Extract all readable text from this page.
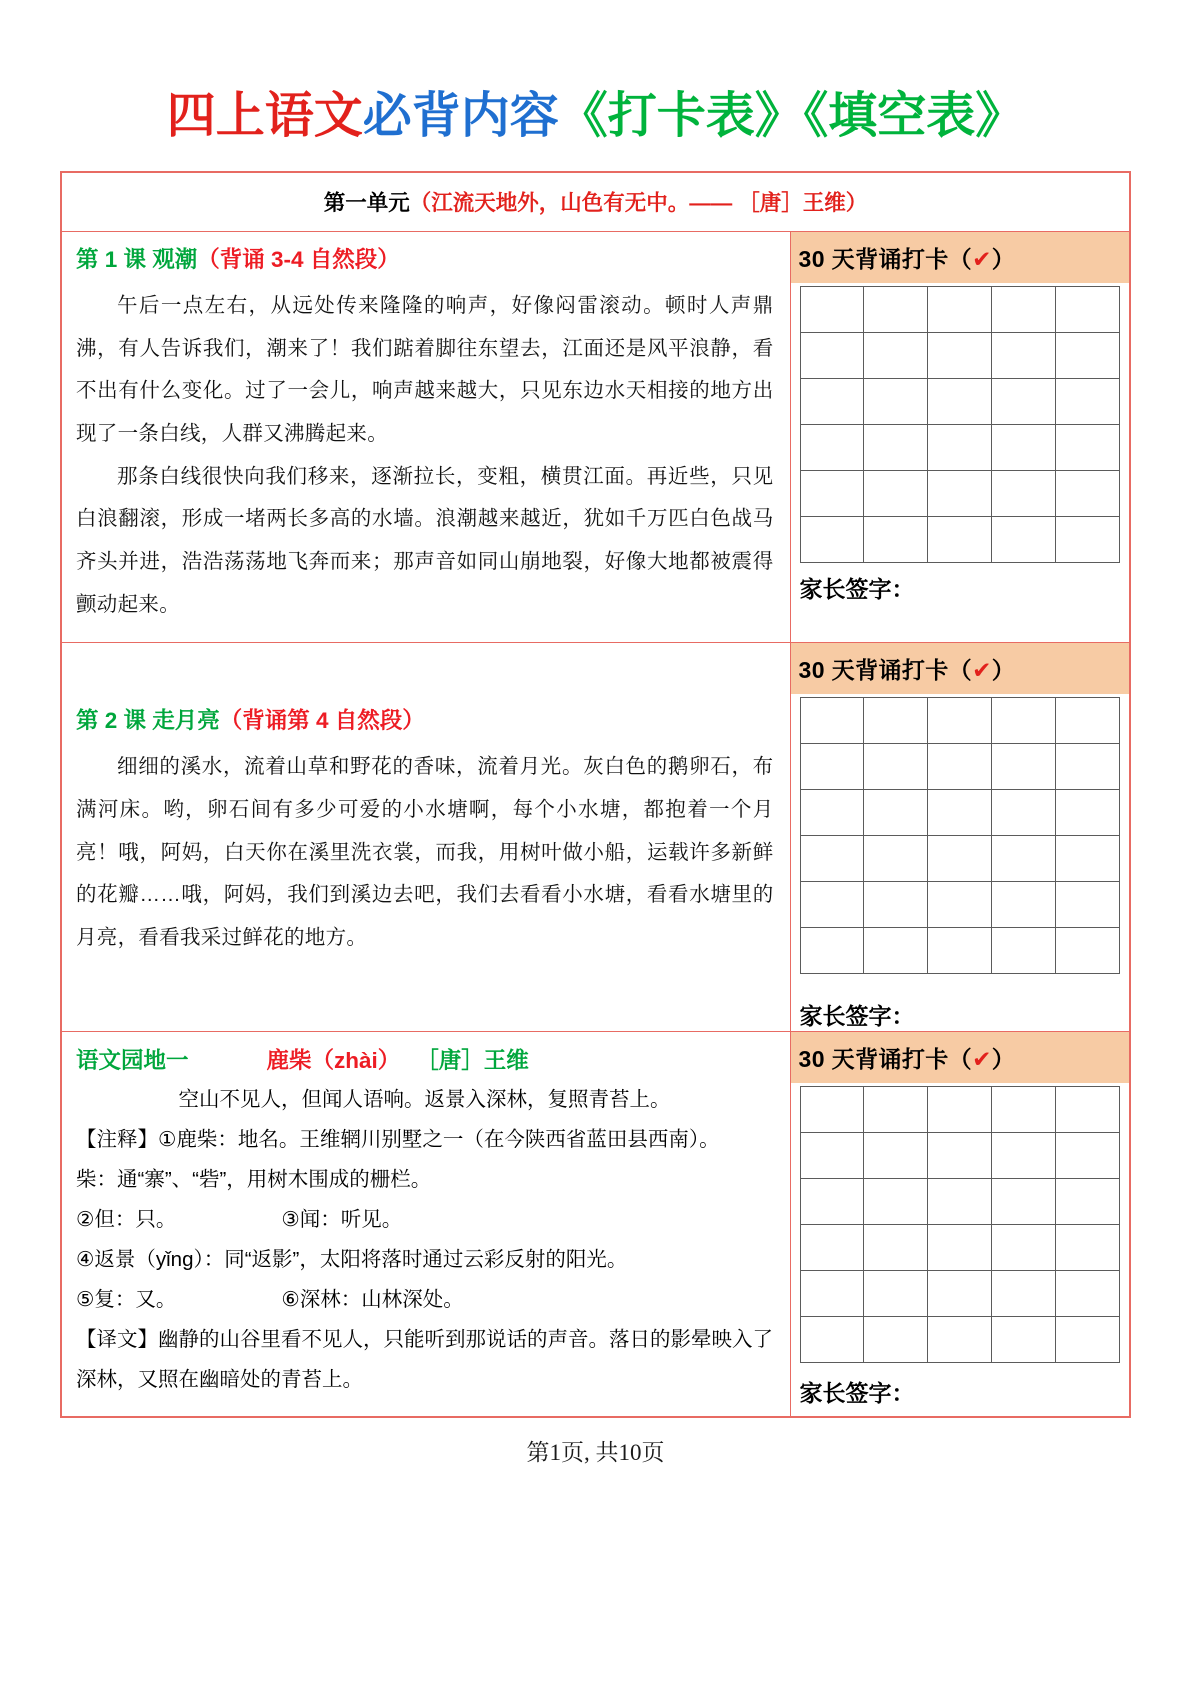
四上语文必背内容《打卡表》《填空表》
第一单元（江流天地外，山色有无中。—— ［唐］王维）

第 1 课 观潮（背诵 3-4 自然段）

午后一点左右，从远处传来隆隆的响声，好像闷雷滚动。顿时人声鼎沸，有人告诉我们，潮来了！我们踮着脚往东望去，江面还是风平浪静，看不出有什么变化。过了一会儿，响声越来越大，只见东边水天相接的地方出现了一条白线，人群又沸腾起来。

那条白线很快向我们移来，逐渐拉长，变粗，横贯江面。再近些，只见白浪翻滚，形成一堵两长多高的水墙。浪潮越来越近，犹如千万匹白色战马齐头并进，浩浩荡荡地飞奔而来；那声音如同山崩地裂，好像大地都被震得颤动起来。

30 天背诵打卡（✔）

家长签字：

第 2 课 走月亮（背诵第 4 自然段）

细细的溪水，流着山草和野花的香味，流着月光。灰白色的鹅卵石，布满河床。哟，卵石间有多少可爱的小水塘啊，每个小水塘，都抱着一个月亮！哦，阿妈，白天你在溪里洗衣裳，而我，用树叶做小船，运载许多新鲜的花瓣……哦，阿妈，我们到溪边去吧，我们去看看小水塘，看看水塘里的月亮，看看我采过鲜花的地方。

30 天背诵打卡（✔）

家长签字：

语文园地一	鹿柴（zhài） ［唐］王维
空山不见人，但闻人语响。返景入深林，复照青苔上。
【注释】①鹿柴：地名。王维辋川别墅之一（在今陕西省蓝田县西南）。
柴：通“寨”、“砦”，用树木围成的栅栏。
②但：只。	③闻：听见。
④返景（yǐng）：同“返影”，太阳将落时通过云彩反射的阳光。
⑤复：又。	⑥深林：山林深处。
【译文】幽静的山谷里看不见人，只能听到那说话的声音。落日的影晕映入了深林，又照在幽暗处的青苔上。

30 天背诵打卡（✔）

家长签字：
第1页, 共10页
